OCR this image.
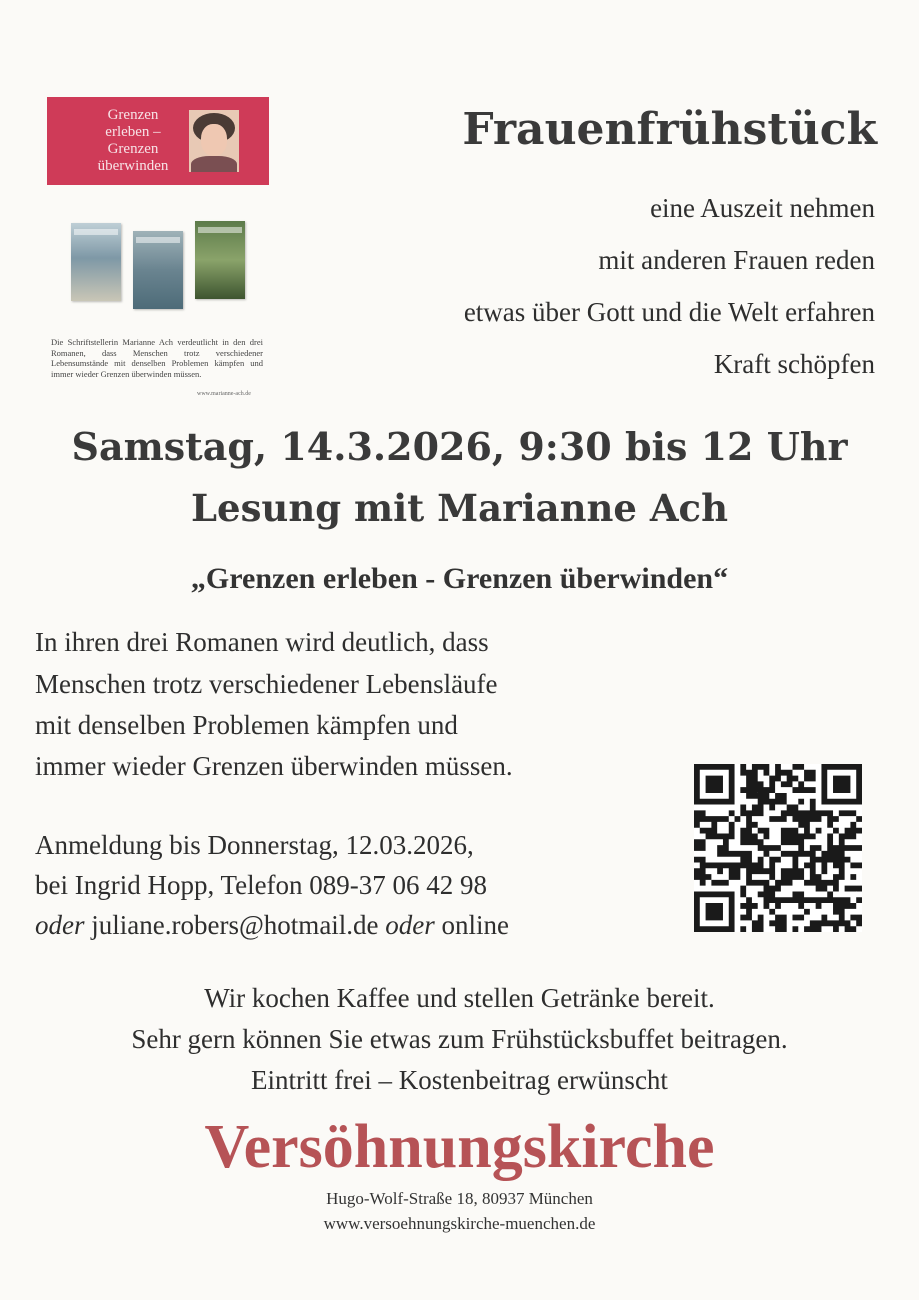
Grenzen
erleben –
Grenzen
überwinden
Die Schriftstellerin Marianne Ach verdeutlicht in den drei Romanen, dass Menschen trotz verschiedener Lebensumstände mit denselben Problemen kämpfen und immer wieder Grenzen überwinden müssen.
www.marianne-ach.de
Frauenfrühstück

eine Auszeit nehmen

mit anderen Frauen reden

etwas über Gott und die Welt erfahren

Kraft schöpfen

Samstag, 14.3.2026, 9:30 bis 12 Uhr
Lesung mit Marianne Ach
„Grenzen erleben - Grenzen überwinden“

In ihren drei Romanen wird deutlich, dass

Menschen trotz verschiedener Lebensläufe

mit denselben Problemen kämpfen und

immer wieder Grenzen überwinden müssen.

Anmeldung bis Donnerstag, 12.03.2026,

bei Ingrid Hopp, Telefon 089-37 06 42 98

oder juliane.robers@hotmail.de oder online

Wir kochen Kaffee und stellen Getränke bereit.

Sehr gern können Sie etwas zum Frühstücksbuffet beitragen.

Eintritt frei – Kostenbeitrag erwünscht

Versöhnungskirche

Hugo-Wolf-Straße 18, 80937 München

www.versoehnungskirche-muenchen.de
